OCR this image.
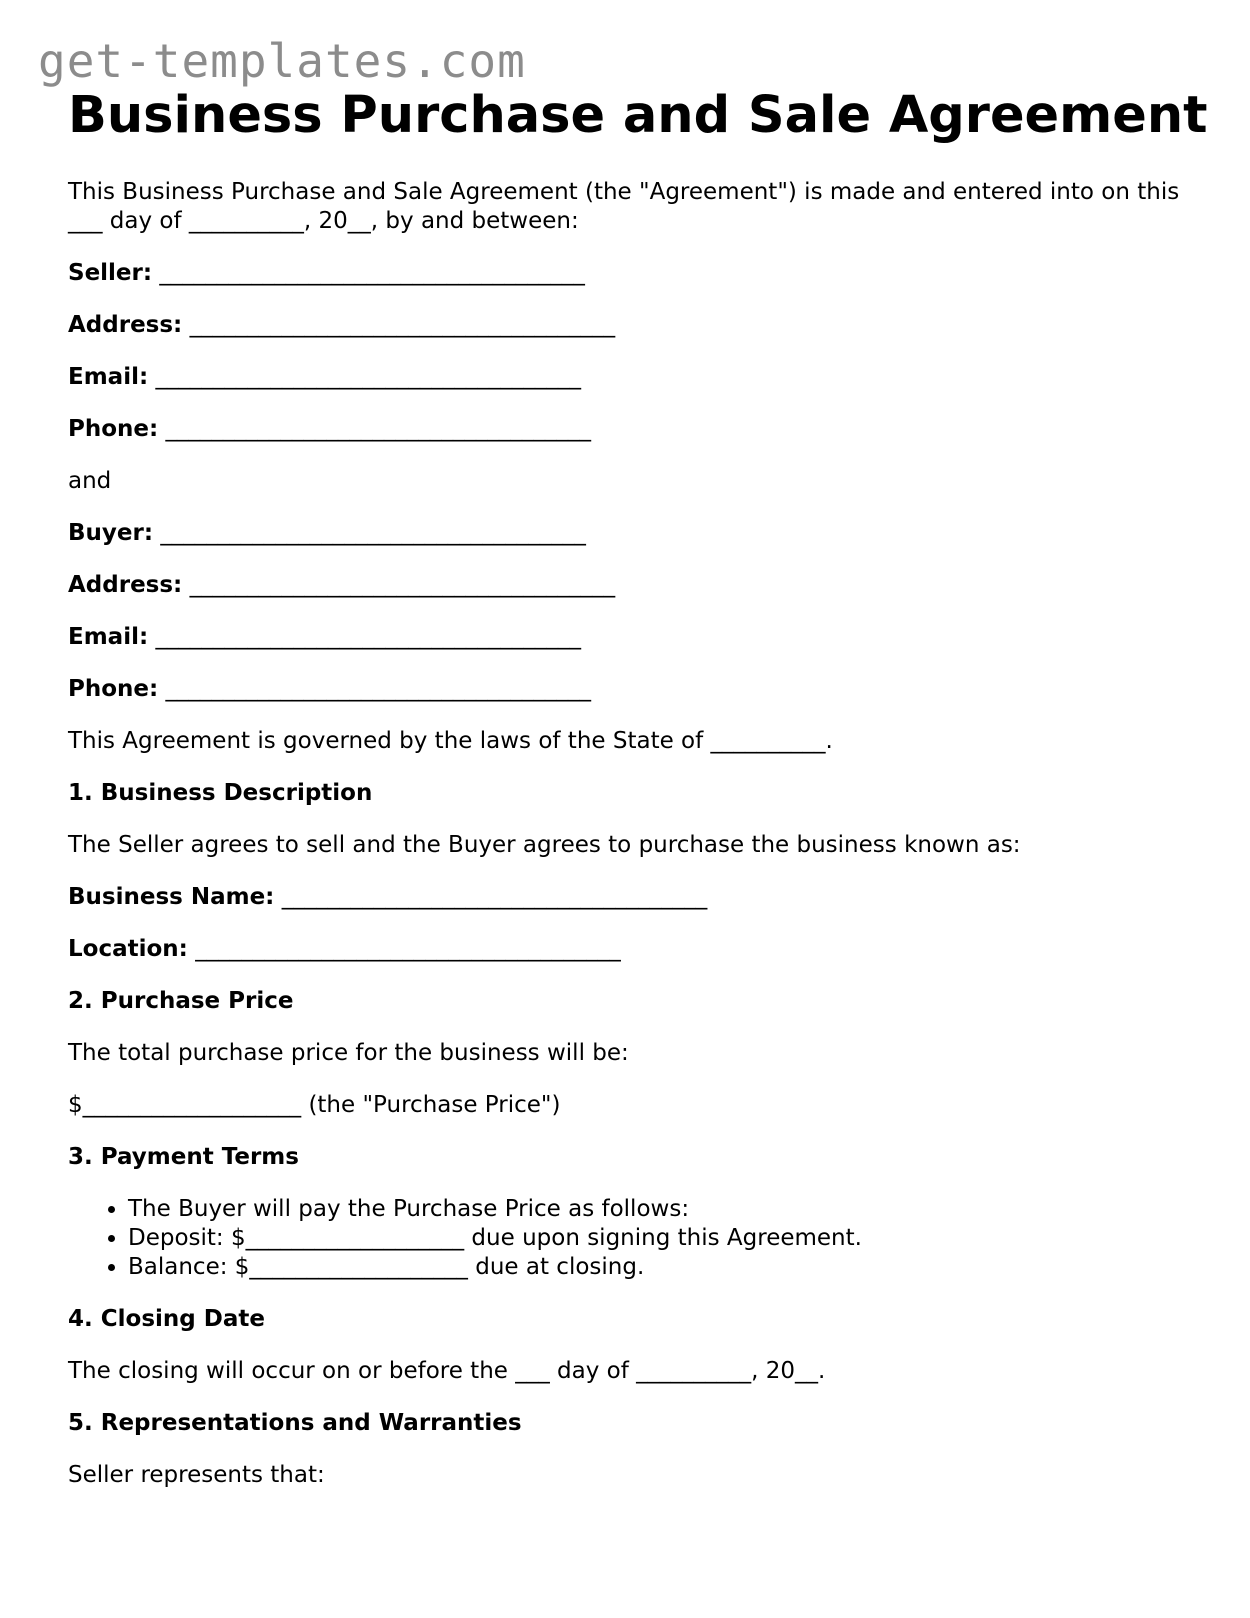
get-templates.com
Business Purchase and Sale Agreement

This Business Purchase and Sale Agreement (the "Agreement") is made and entered into on this ___ day of __________, 20__, by and between:

Seller: _____________________________________

Address: _____________________________________

Email: _____________________________________

Phone: _____________________________________

and

Buyer: _____________________________________

Address: _____________________________________

Email: _____________________________________

Phone: _____________________________________

This Agreement is governed by the laws of the State of __________.

1. Business Description

The Seller agrees to sell and the Buyer agrees to purchase the business known as:

Business Name: _____________________________________

Location: _____________________________________

2. Purchase Price

The total purchase price for the business will be:

$___________________ (the "Purchase Price")

3. Payment Terms

• The Buyer will pay the Purchase Price as follows:
• Deposit: $___________________ due upon signing this Agreement.
• Balance: $___________________ due at closing.

4. Closing Date

The closing will occur on or before the ___ day of __________, 20__.

5. Representations and Warranties

Seller represents that:
